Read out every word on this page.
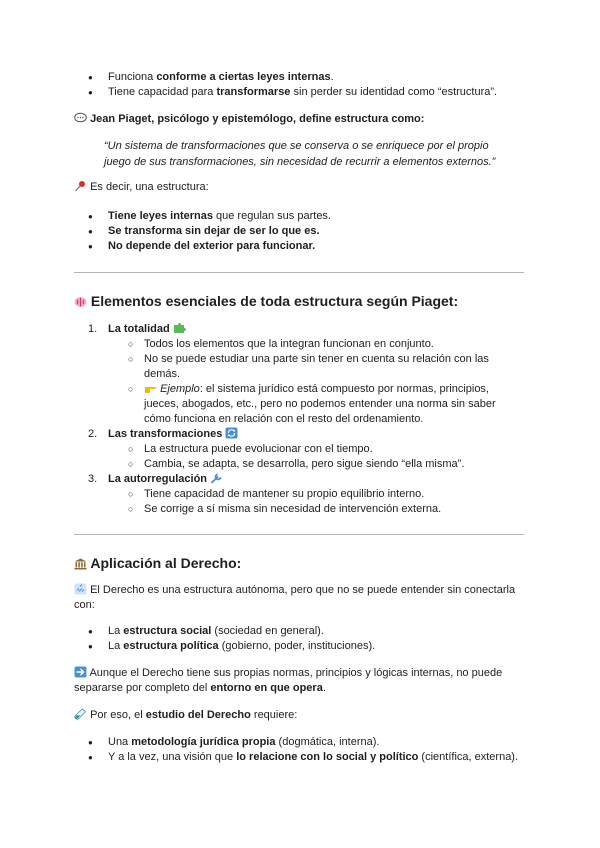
● Funciona conforme a ciertas leyes internas.
● Tiene capacidad para transformarse sin perder su identidad como “estructura”.
Jean Piaget, psicólogo y epistemólogo, define estructura como:

“Un sistema de transformaciones que se conserva o se enriquece por el propio

juego de sus transformaciones, sin necesidad de recurrir a elementos externos.”

Es decir, una estructura:
● Tiene leyes internas que regulan sus partes.
● Se transforma sin dejar de ser lo que es.
● No depende del exterior para funcionar.
Elementos esenciales de toda estructura según Piaget:
1. La totalidad
○ Todos los elementos que la integran funcionan en conjunto.
○ No se puede estudiar una parte sin tener en cuenta su relación con las
demás.
○ Ejemplo: el sistema jurídico está compuesto por normas, principios,
jueces, abogados, etc., pero no podemos entender una norma sin saber
cómo funciona en relación con el resto del ordenamiento.
2. Las transformaciones
○ La estructura puede evolucionar con el tiempo.
○ Cambia, se adapta, se desarrolla, pero sigue siendo “ella misma”.
3. La autorregulación
○ Tiene capacidad de mantener su propio equilibrio interno.
○ Se corrige a sí misma sin necesidad de intervención externa.
Aplicación al Derecho:
El Derecho es una estructura autónoma, pero que no se puede entender sin conectarla
con:
● La estructura social (sociedad en general).
● La estructura política (gobierno, poder, instituciones).
Aunque el Derecho tiene sus propias normas, principios y lógicas internas, no puede
separarse por completo del entorno en que opera.
Por eso, el estudio del Derecho requiere:
● Una metodología jurídica propia (dogmática, interna).
● Y a la vez, una visión que lo relacione con lo social y político (científica, externa).
